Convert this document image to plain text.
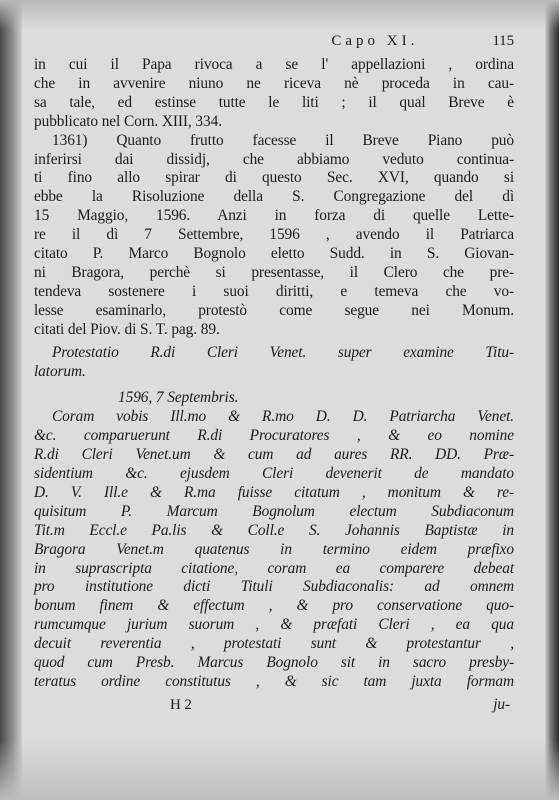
Capo XI.	115
in cui il Papa rivoca a se l' appellazioni , ordina
che in avvenire niuno ne riceva nè proceda in cau-
sa tale, ed estinse tutte le liti ; il qual Breve è
pubblicato nel Corn. XIII, 334.
1361) Quanto frutto facesse il Breve Piano può
inferirsi dai dissidj, che abbiamo veduto continua-
ti fino allo spirar di questo Sec. XVI, quando si
ebbe la Risoluzione della S. Congregazione del dì
15 Maggio, 1596. Anzi in forza di quelle Lette-
re il dì 7 Settembre, 1596 , avendo il Patriarca
citato P. Marco Bognolo eletto Sudd. in S. Giovan-
ni Bragora, perchè si presentasse, il Clero che pre-
tendeva sostenere i suoi diritti, e temeva che vo-
lesse esaminarlo, protestò come segue nei Monum.
citati del Piov. di S. T. pag. 89.
Protestatio R.di Cleri Venet. super examine Titu-
latorum.
1596, 7 Septembris.
Coram vobis Ill.mo & R.mo D. D. Patriarcha Venet.
&c. comparuerunt R.di Procuratores , & eo nomine
R.di Cleri Venet.um & cum ad aures RR. DD. Præ-
sidentium &c. ejusdem Cleri devenerit de mandato
D. V. Ill.e & R.ma fuisse citatum , monitum & re-
quisitum P. Marcum Bognolum electum Subdiaconum
Tit.m Eccl.e Pa.lis & Coll.e S. Johannis Baptistæ in
Bragora Venet.m quatenus in termino eidem præfixo
in suprascripta citatione, coram ea comparere debeat
pro institutione dicti Tituli Subdiaconalis: ad omnem
bonum finem & effectum , & pro conservatione quo-
rumcumque jurium suorum , & præfati Cleri , ea qua
decuit reverentia , protestati sunt & protestantur ,
quod cum Presb. Marcus Bognolo sit in sacro presby-
teratus ordine constitutus , & sic tam juxta formam
H 2	ju-
